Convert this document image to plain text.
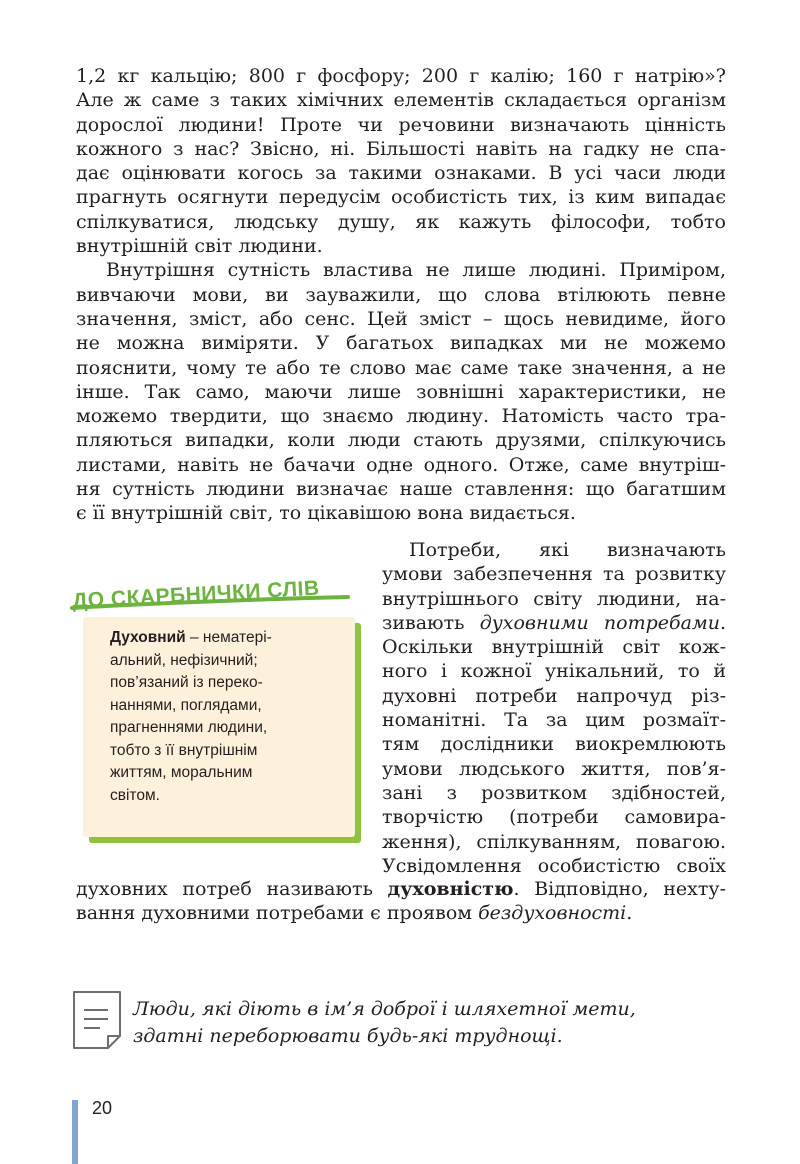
1,2 кг кальцію; 800 г фосфору; 200 г калію; 160 г натрію»?
Але ж саме з таких хімічних елементів складається організм
дорослої людини! Проте чи речовини визначають цінність
кожного з нас? Звісно, ні. Більшості навіть на гадку не спа-
дає оцінювати когось за такими ознаками. В усі часи люди
прагнуть осягнути передусім особистість тих, із ким випадає
спілкуватися, людську душу, як кажуть філософи, тобто
внутрішній світ людини.
Внутрішня сутність властива не лише людині. Приміром,
вивчаючи мови, ви зауважили, що слова втілюють певне
значення, зміст, або сенс. Цей зміст – щось невидиме, його
не можна виміряти. У багатьох випадках ми не можемо
пояснити, чому те або те слово має саме таке значення, а не
інше. Так само, маючи лише зовнішні характеристики, не
можемо твердити, що знаємо людину. Натомість часто тра-
пляються випадки, коли люди стають друзями, спілкуючись
листами, навіть не бачачи одне одного. Отже, саме внутріш-
ня сутність людини визначає наше ставлення: що багатшим
є її внутрішній світ, то цікавішою вона видається.
Потреби, які визначають
умови забезпечення та розвитку
внутрішнього світу людини, на-
зивають духовними потребами.
Оскільки внутрішній світ кож-
ного і кожної унікальний, то й
духовні потреби напрочуд різ-
номанітні. Та за цим розмаїт-
тям дослідники виокремлюють
умови людського життя, пов’я-
зані з розвитком здібностей,
творчістю (потреби самовира-
ження), спілкуванням, повагою.
Усвідомлення особистістю своїх
духовних потреб називають духовністю. Відповідно, нехту-
вання духовними потребами є проявом бездуховності.
ДО СКАРБНИЧКИ СЛІВ
Духовний – нематері-
альний, нефізичний;
пов’язаний із переко-
наннями, поглядами,
прагненнями людини,
тобто з її внутрішнім
життям, моральним
світом.
Люди, які діють в ім’я доброї і шляхетної мети,
здатні переборювати будь-які труднощі.
20
